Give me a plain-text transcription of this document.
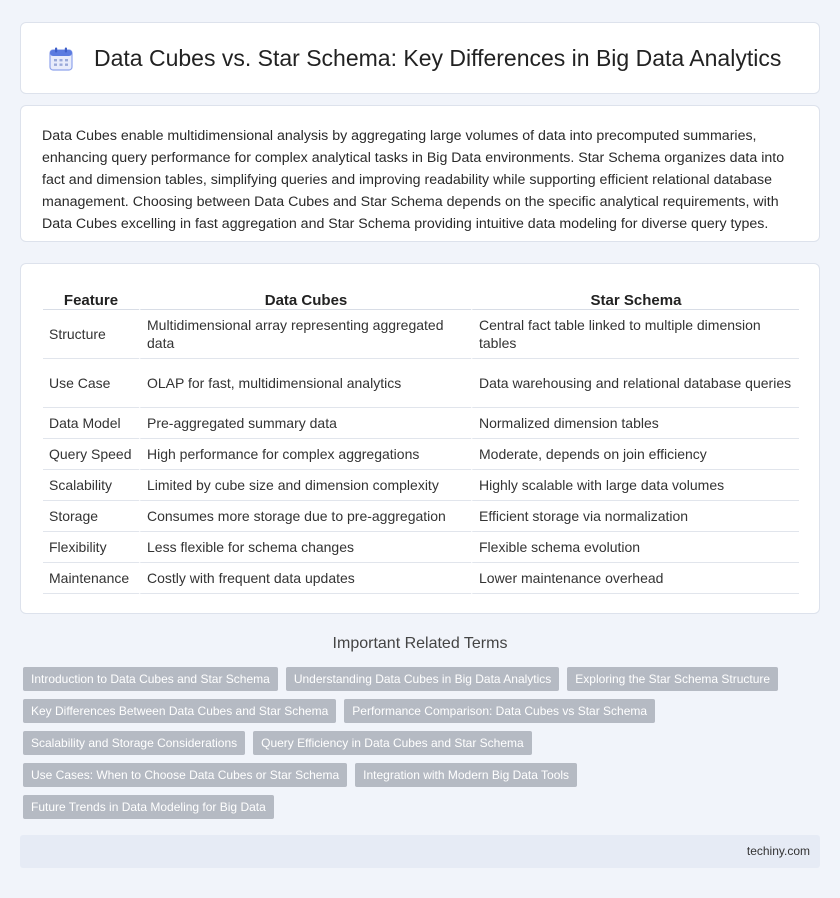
Data Cubes vs. Star Schema: Key Differences in Big Data Analytics

Data Cubes enable multidimensional analysis by aggregating large volumes of data into precomputed summaries, enhancing query performance for complex analytical tasks in Big Data environments. Star Schema organizes data into fact and dimension tables, simplifying queries and improving readability while supporting efficient relational database management. Choosing between Data Cubes and Star Schema depends on the specific analytical requirements, with Data Cubes excelling in fast aggregation and Star Schema providing intuitive data modeling for diverse query types.

Feature	Data Cubes	Star Schema
Structure	Multidimensional array representing aggregated data	Central fact table linked to multiple dimension tables
Use Case	OLAP for fast, multidimensional analytics	Data warehousing and relational database queries
Data Model	Pre-aggregated summary data	Normalized dimension tables
Query Speed	High performance for complex aggregations	Moderate, depends on join efficiency
Scalability	Limited by cube size and dimension complexity	Highly scalable with large data volumes
Storage	Consumes more storage due to pre-aggregation	Efficient storage via normalization
Flexibility	Less flexible for schema changes	Flexible schema evolution
Maintenance	Costly with frequent data updates	Lower maintenance overhead
Important Related Terms
Introduction to Data Cubes and Star Schema	Understanding Data Cubes in Big Data Analytics	Exploring the Star Schema Structure
Key Differences Between Data Cubes and Star Schema	Performance Comparison: Data Cubes vs Star Schema
Scalability and Storage Considerations	Query Efficiency in Data Cubes and Star Schema
Use Cases: When to Choose Data Cubes or Star Schema	Integration with Modern Big Data Tools
Future Trends in Data Modeling for Big Data
techiny.com
